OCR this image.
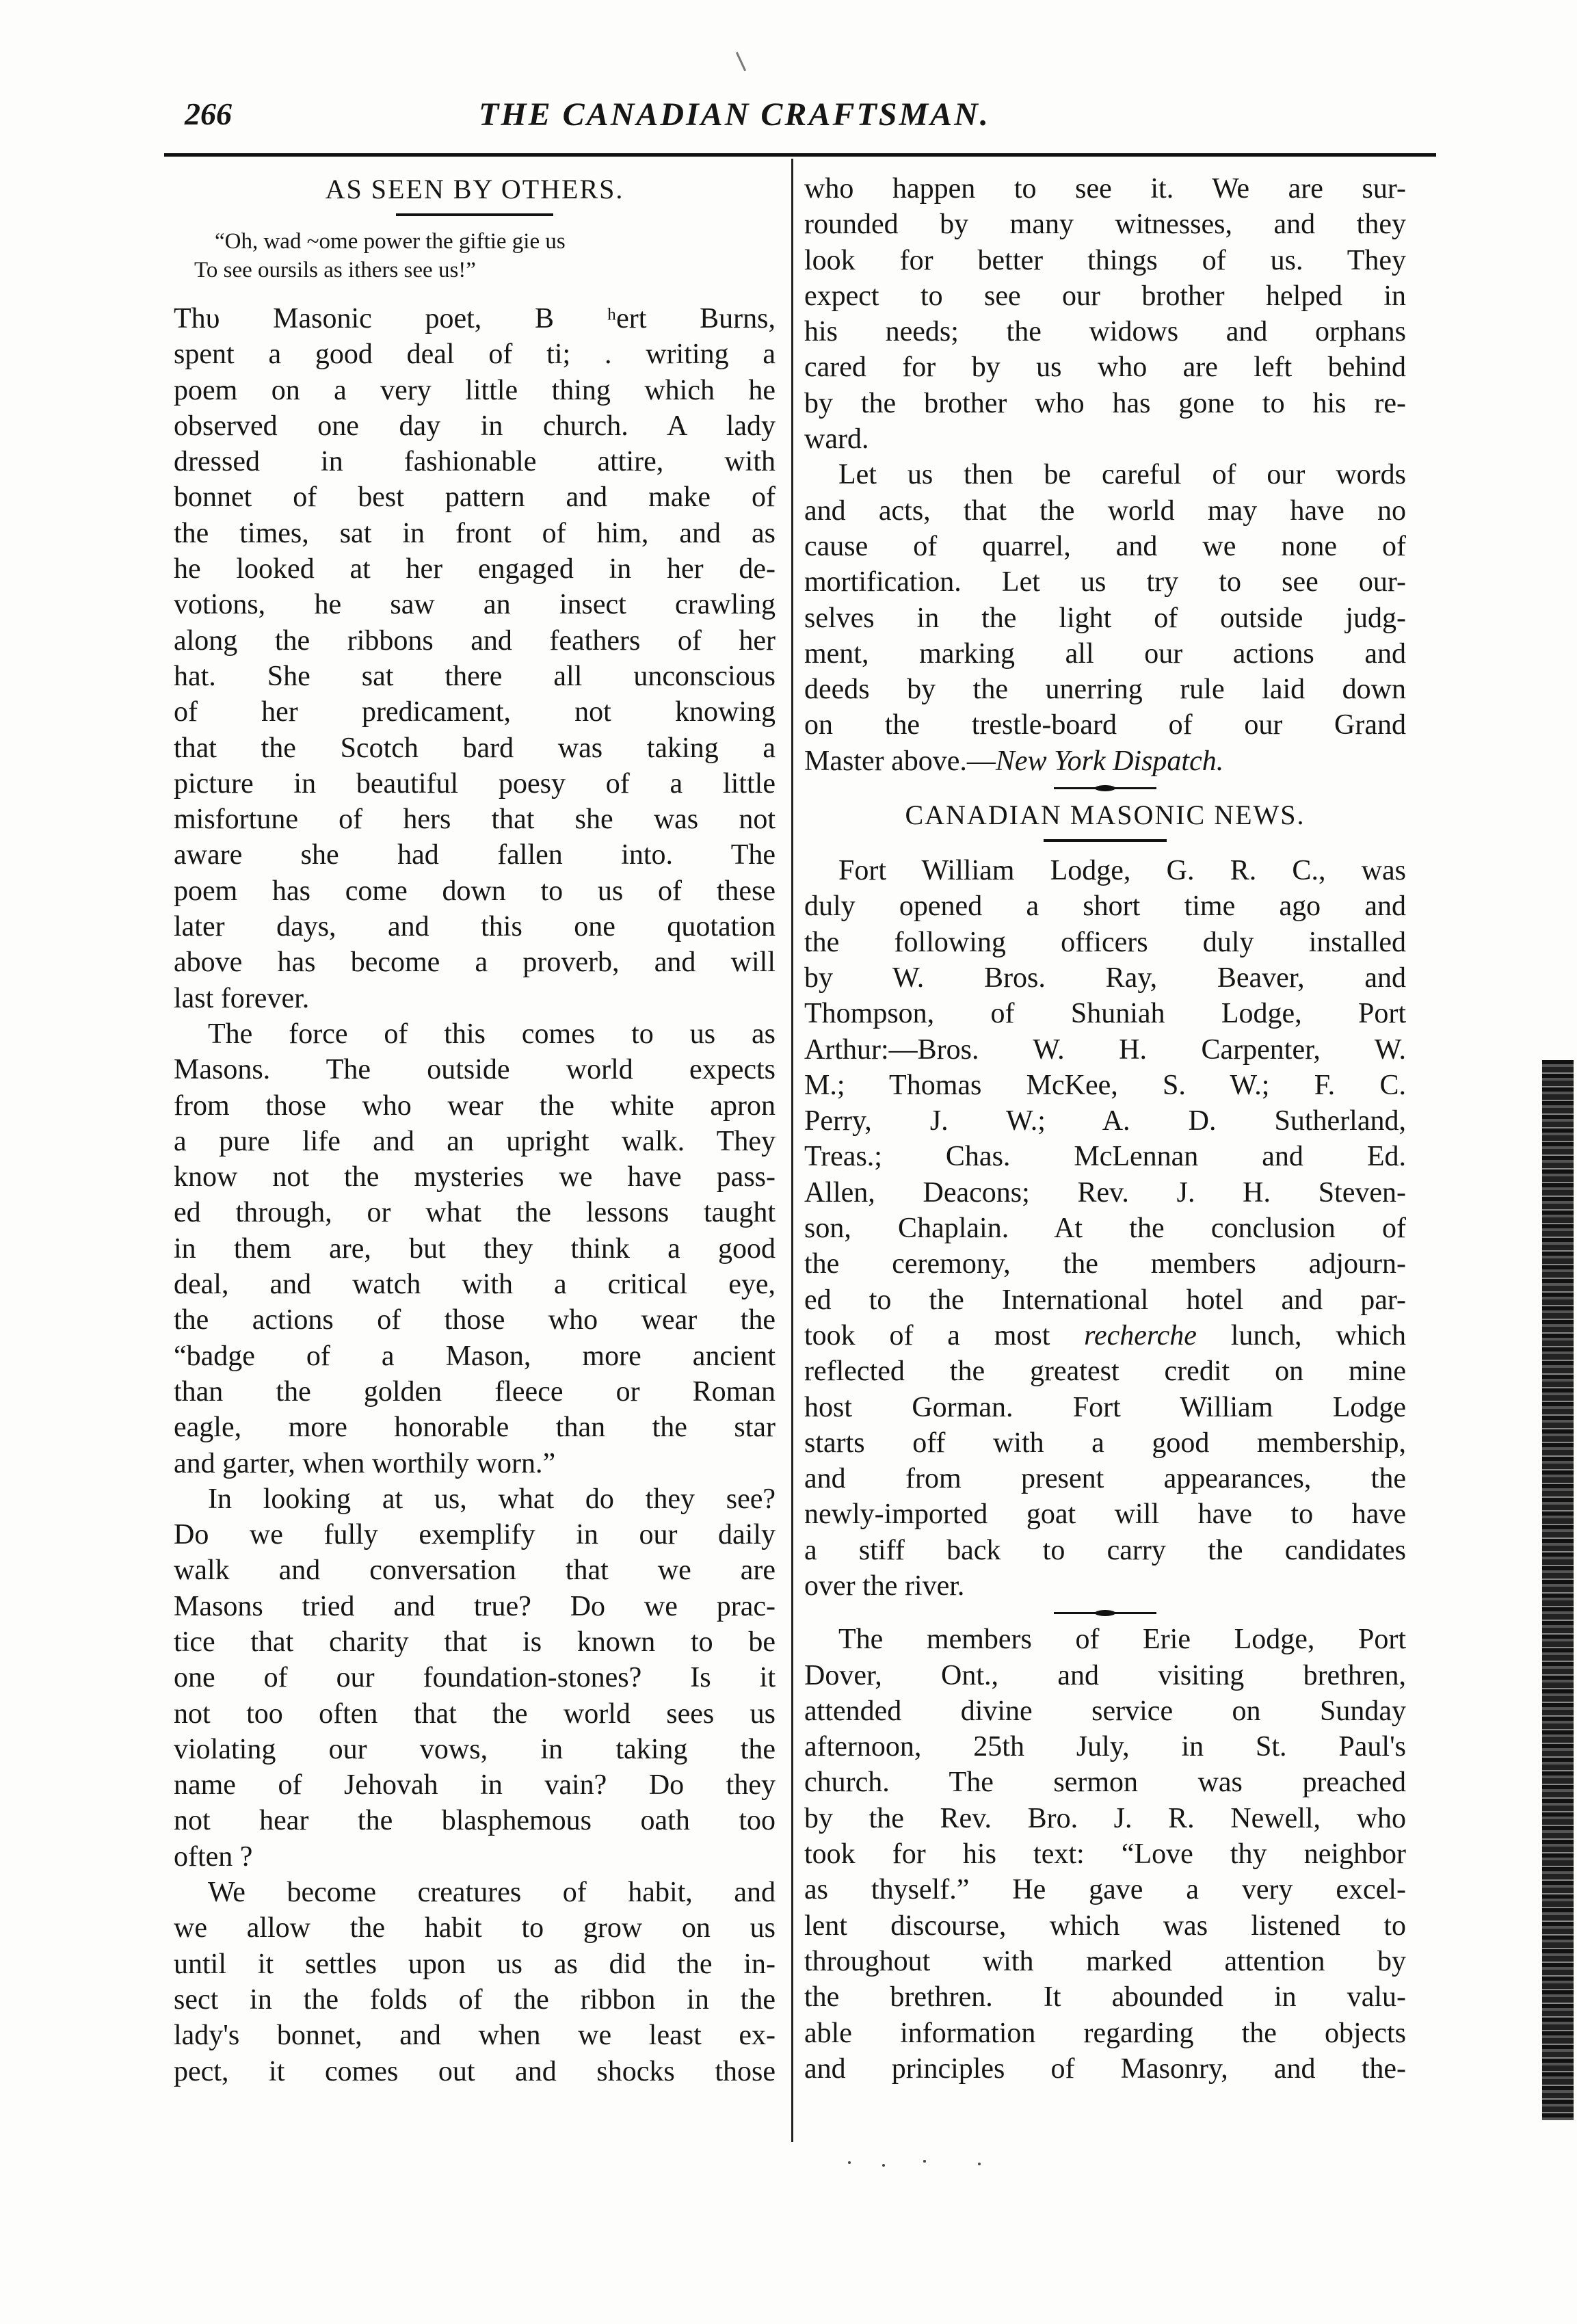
266	THE CANADIAN CRAFTSMAN.
AS SEEN BY OTHERS.
“Oh, wad ~ome power the giftie gie us
To see oursils as ithers see us!”
Thυ Masonic poet, B ʰert Burns,
spent a good deal of ti; . writing a
poem on a very little thing which he
observed one day in church. A lady
dressed in fashionable attire, with
bonnet of best pattern and make of
the times, sat in front of him, and as
he looked at her engaged in her de-
votions, he saw an insect crawling
along the ribbons and feathers of her
hat. She sat there all unconscious
of her predicament, not knowing
that the Scotch bard was taking a
picture in beautiful poesy of a little
misfortune of hers that she was not
aware she had fallen into. The
poem has come down to us of these
later days, and this one quotation
above has become a proverb, and will
last forever.
The force of this comes to us as
Masons. The outside world expects
from those who wear the white apron
a pure life and an upright walk. They
know not the mysteries we have pass-
ed through, or what the lessons taught
in them are, but they think a good
deal, and watch with a critical eye,
the actions of those who wear the
“badge of a Mason, more ancient
than the golden fleece or Roman
eagle, more honorable than the star
and garter, when worthily worn.”
In looking at us, what do they see?
Do we fully exemplify in our daily
walk and conversation that we are
Masons tried and true? Do we prac-
tice that charity that is known to be
one of our foundation-stones? Is it
not too often that the world sees us
violating our vows, in taking the
name of Jehovah in vain? Do they
not hear the blasphemous oath too
often ?
We become creatures of habit, and
we allow the habit to grow on us
until it settles upon us as did the in-
sect in the folds of the ribbon in the
lady's bonnet, and when we least ex-
pect, it comes out and shocks those
who happen to see it. We are sur-
rounded by many witnesses, and they
look for better things of us. They
expect to see our brother helped in
his needs; the widows and orphans
cared for by us who are left behind
by the brother who has gone to his re-
ward.
Let us then be careful of our words
and acts, that the world may have no
cause of quarrel, and we none of
mortification. Let us try to see our-
selves in the light of outside judg-
ment, marking all our actions and
deeds by the unerring rule laid down
on the trestle-board of our Grand
Master above.—New York Dispatch.
CANADIAN MASONIC NEWS.
Fort William Lodge, G. R. C., was
duly opened a short time ago and
the following officers duly installed
by W. Bros. Ray, Beaver, and
Thompson, of Shuniah Lodge, Port
Arthur:—Bros. W. H. Carpenter, W.
M.; Thomas McKee, S. W.; F. C.
Perry, J. W.; A. D. Sutherland,
Treas.; Chas. McLennan and Ed.
Allen, Deacons; Rev. J. H. Steven-
son, Chaplain. At the conclusion of
the ceremony, the members adjourn-
ed to the International hotel and par-
took of a most recherche lunch, which
reflected the greatest credit on mine
host Gorman. Fort William Lodge
starts off with a good membership,
and from present appearances, the
newly-imported goat will have to have
a stiff back to carry the candidates
over the river.
The members of Erie Lodge, Port
Dover, Ont., and visiting brethren,
attended divine service on Sunday
afternoon, 25th July, in St. Paul's
church. The sermon was preached
by the Rev. Bro. J. R. Newell, who
took for his text: “Love thy neighbor
as thyself.” He gave a very excel-
lent discourse, which was listened to
throughout with marked attention by
the brethren. It abounded in valu-
able information regarding the objects
and principles of Masonry, and the-
